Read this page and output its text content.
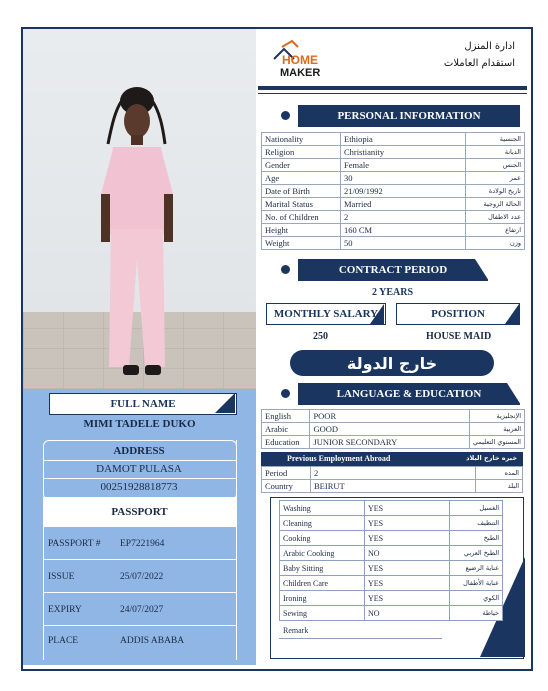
FULL NAME
MIMI TADELE DUKO
ADDRESS
DAMOT PULASA
00251928818773
PASSPORT
PASSPORT # EP7221964
ISSUE	25/07/2022
EXPIRY	24/07/2027
PLACE	ADDIS ABABA
HOME
MAKER
ادارة المنزل
استقدام العاملات
PERSONAL INFORMATION
Nationality	Ethiopia	الجنسية
Religion	Christianity	الديانة
Gender	Female	الجنس
Age	30	عمر
Date of Birth	21/09/1992	تاريخ الولادة
Marital Status	Married	الحالة الزوجية
No. of Children	2	عدد الاطفال
Height	160 CM	ارتفاع
Weight	50	وزن
CONTRACT PERIOD
2 YEARS
MONTHLY SALARY	POSITION
250	HOUSE MAID
خارج الدولة
LANGUAGE & EDUCATION
English	POOR	الإنجليزية
Arabic	GOOD	العربية
Education	JUNIOR SECONDARY	المستوي التعليمي
Previous Employment Abroad	خبره خارج البلاد
Period	2	المده
Country	BEIRUT	البلد
Washing	YES	الغسيل
Cleaning	YES	التنظيف
Cooking	YES	الطبخ
Arabic Cooking	NO	الطبخ العربي
Baby Sitting	YES	عناية الرضيع
Children Care	YES	عناية الأطفال
Ironing	YES	الكوي
Sewing	NO	خياطة
Remark
